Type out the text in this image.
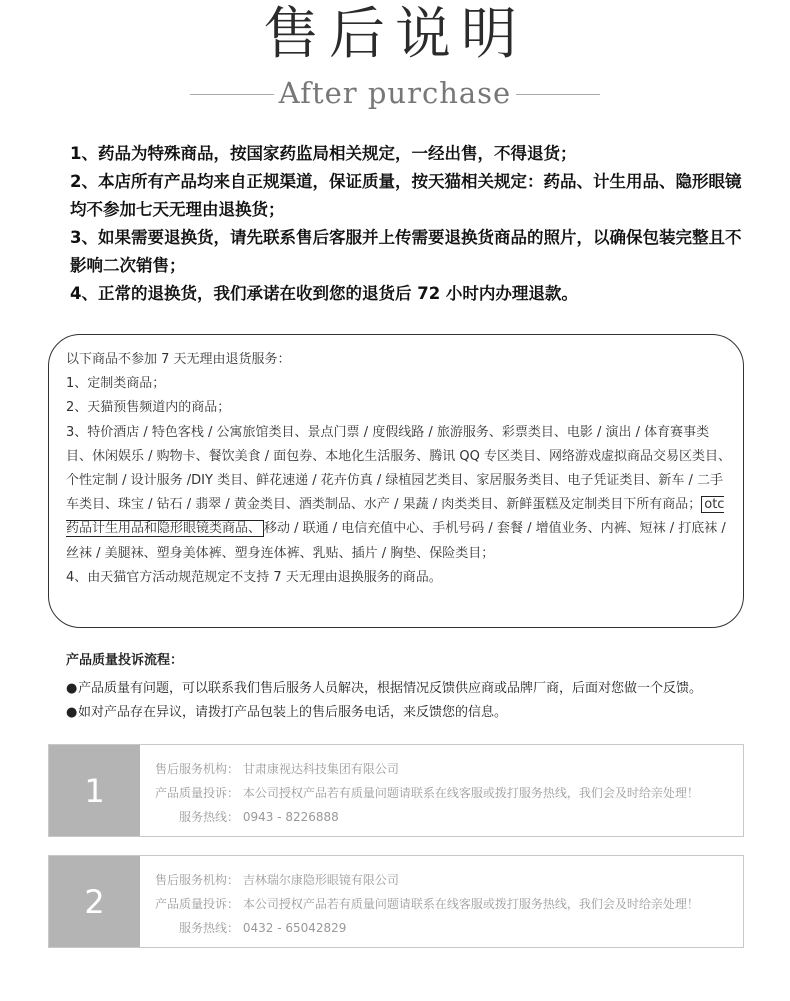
售后说明
After purchase

1、药品为特殊商品，按国家药监局相关规定，一经出售，不得退货；

2、本店所有产品均来自正规渠道，保证质量，按天猫相关规定：药品、计生用品、隐形眼镜均不参加七天无理由退换货；

3、如果需要退换货，请先联系售后客服并上传需要退换货商品的照片，以确保包装完整且不影响二次销售；

4、正常的退换货，我们承诺在收到您的退货后 72 小时内办理退款。

以下商品不参加 7 天无理由退货服务：

1、定制类商品；

2、天猫预售频道内的商品；

3、特价酒店 / 特色客栈 / 公寓旅馆类目、景点门票 / 度假线路 / 旅游服务、彩票类目、电影 / 演出 / 体育赛事类目、休闲娱乐 / 购物卡、餐饮美食 / 面包券、本地化生活服务、腾讯 QQ 专区类目、网络游戏虚拟商品交易区类目、个性定制 / 设计服务 /DIY 类目、鲜花速递 / 花卉仿真 / 绿植园艺类目、家居服务类目、电子凭证类目、新车 / 二手车类目、珠宝 / 钻石 / 翡翠 / 黄金类目、酒类制品、水产 / 果蔬 / 肉类类目、新鲜蛋糕及定制类目下所有商品； otc 药品计生用品和隐形眼镜类商品、 移动 / 联通 / 电信充值中心、手机号码 / 套餐 / 增值业务、内裤、短袜 / 打底袜 / 丝袜 / 美腿袜、塑身美体裤、塑身连体裤、乳贴、插片 / 胸垫、保险类目；

4、由天猫官方活动规范规定不支持 7 天无理由退换服务的商品。

产品质量投诉流程：

●产品质量有问题，可以联系我们售后服务人员解决，根据情况反馈供应商或品牌厂商，后面对您做一个反馈。

●如对产品存在异议，请拨打产品包装上的售后服务电话，来反馈您的信息。

1
售后服务机构： 甘肃康视达科技集团有限公司
产品质量投诉： 本公司授权产品若有质量问题请联系在线客服或拨打服务热线，我们会及时给亲处理！
服务热线： 0943 - 8226888
2
售后服务机构： 吉林瑞尔康隐形眼镜有限公司
产品质量投诉： 本公司授权产品若有质量问题请联系在线客服或拨打服务热线，我们会及时给亲处理！
服务热线： 0432 - 65042829
